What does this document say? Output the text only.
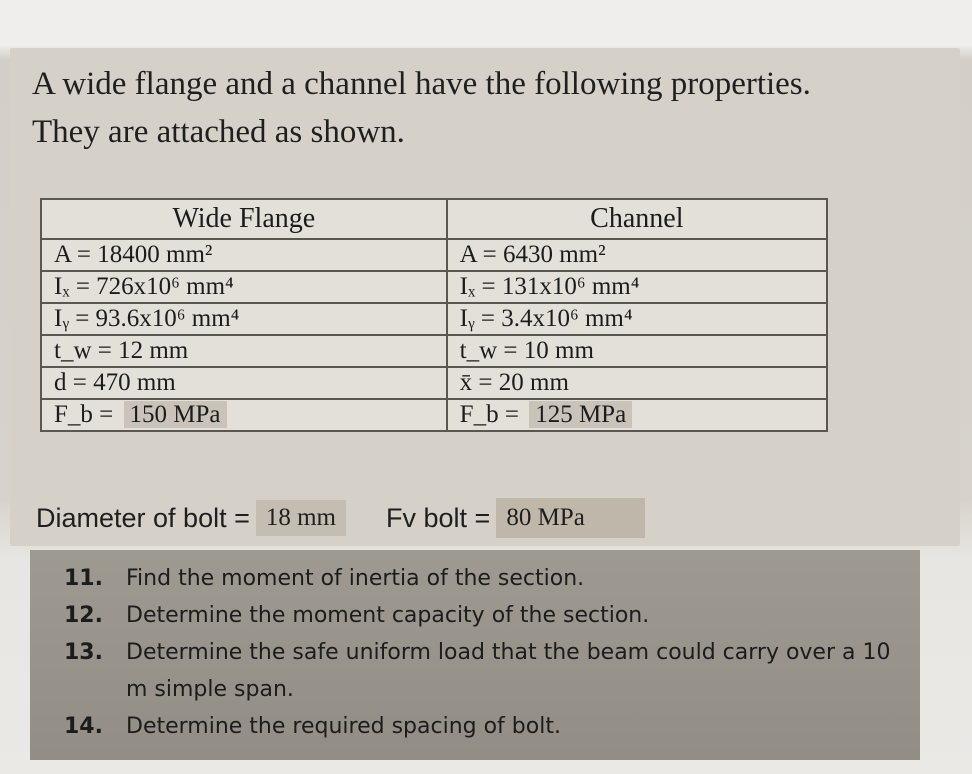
A wide flange and a channel have the following properties.
They are attached as shown.
Wide Flange	Channel
A = 18400 mm²	A = 6430 mm²
Iₓ = 726x10⁶ mm⁴	Iₓ = 131x10⁶ mm⁴
Iᵧ = 93.6x10⁶ mm⁴	Iᵧ = 3.4x10⁶ mm⁴
t_w = 12 mm	t_w = 10 mm
d = 470 mm	x̄ = 20 mm
F_b = 150 MPa	F_b = 125 MPa
Diameter of bolt = 18 mm	Fv bolt = 80 MPa
11.	Find the moment of inertia of the section.
12.	Determine the moment capacity of the section.
13.	Determine the safe uniform load that the beam could carry over a 10 m simple span.
14.	Determine the required spacing of bolt.
